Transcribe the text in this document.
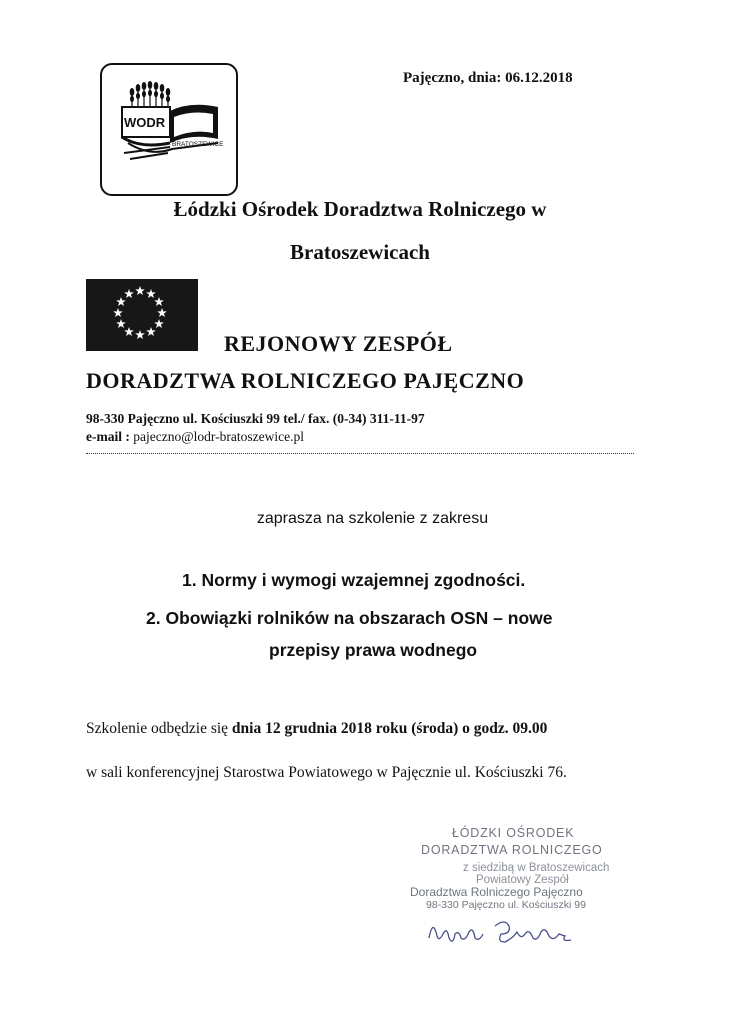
WODR
BRATOSZEWICE
Pajęczno, dnia: 06.12.2018
Łódzki Ośrodek Doradztwa Rolniczego w
Bratoszewicach
REJONOWY ZESPÓŁ
DORADZTWA ROLNICZEGO PAJĘCZNO
98-330 Pajęczno ul. Kościuszki 99 tel./ fax. (0-34) 311-11-97
e-mail : pajeczno@lodr-bratoszewice.pl
zaprasza na szkolenie z zakresu
1. Normy i wymogi wzajemnej zgodności.
2. Obowiązki rolników na obszarach OSN – nowe
przepisy prawa wodnego
Szkolenie odbędzie się dnia 12 grudnia 2018 roku (środa) o godz. 09.00
w sali konferencyjnej Starostwa Powiatowego w Pajęcznie ul. Kościuszki 76.
ŁÓDZKI OŚRODEK
DORADZTWA ROLNICZEGO
z siedzibą w Bratoszewicach
Powiatowy Zespół
Doradztwa Rolniczego Pajęczno
98-330 Pajęczno ul. Kościuszki 99
